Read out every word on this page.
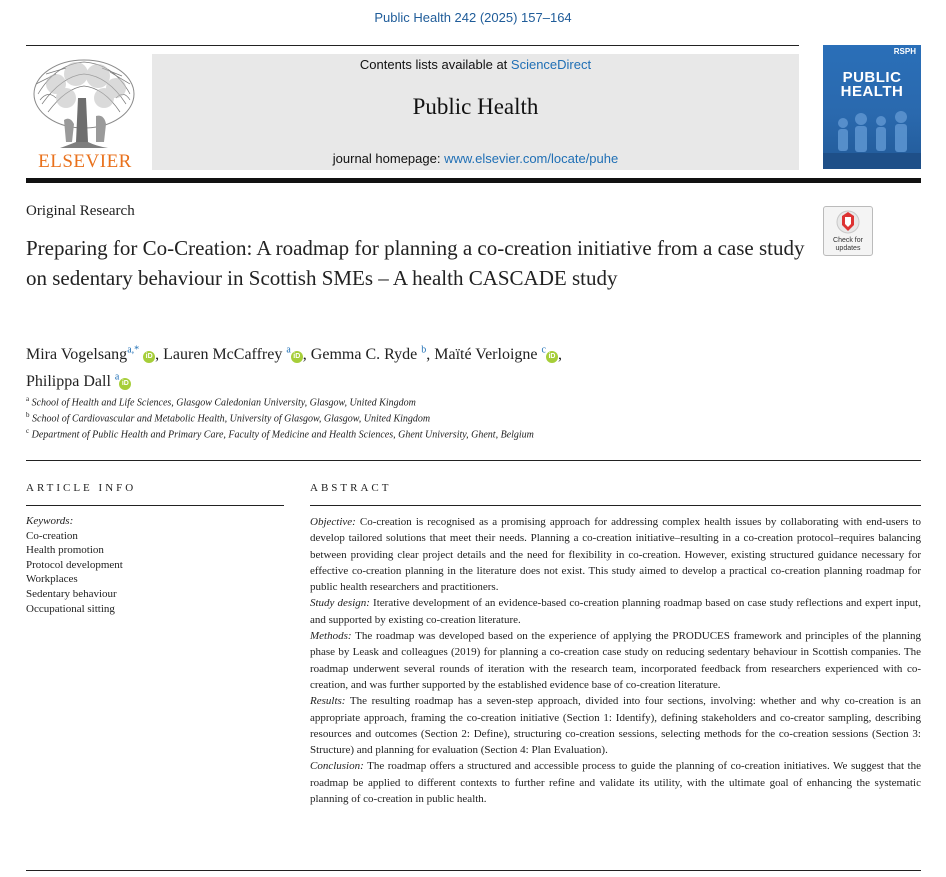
Public Health 242 (2025) 157–164
ELSEVIER
Contents lists available at ScienceDirect
Public Health
journal homepage: www.elsevier.com/locate/puhe
RSPH
PUBLIC HEALTH
Original Research
Preparing for Co-Creation: A roadmap for planning a co-creation initiative from a case study on sedentary behaviour in Scottish SMEs – A health CASCADE study
Check for updates
Mira Vogelsang$^{a,*}$ iD , Lauren McCaffrey $^a$iD , Gemma C. Ryde $^b$, Maïté Verloigne $^c$iD ,
Philippa Dall $^a$iD
$^a$ School of Health and Life Sciences, Glasgow Caledonian University, Glasgow, United Kingdom
$^b$ School of Cardiovascular and Metabolic Health, University of Glasgow, Glasgow, United Kingdom
$^c$ Department of Public Health and Primary Care, Faculty of Medicine and Health Sciences, Ghent University, Ghent, Belgium
ARTICLE INFO
Keywords:
Co-creation
Health promotion
Protocol development
Workplaces
Sedentary behaviour
Occupational sitting
ABSTRACT

Objective: Co-creation is recognised as a promising approach for addressing complex health issues by collaborating with end-users to develop tailored solutions that meet their needs. Planning a co-creation initiative–resulting in a co-creation protocol–requires balancing between providing clear project details and the need for flexibility in co-creation. However, existing structured guidance necessary for effective co-creation planning in the literature does not exist. This study aimed to develop a practical co-creation planning roadmap for public health researchers and practitioners.

Study design: Iterative development of an evidence-based co-creation planning roadmap based on case study reflections and expert input, and supported by existing co-creation literature.

Methods: The roadmap was developed based on the experience of applying the PRODUCES framework and principles of the planning phase by Leask and colleagues (2019) for planning a co-creation case study on reducing sedentary behaviour in Scottish companies. The roadmap underwent several rounds of iteration with the research team, incorporated feedback from researchers experienced with co-creation, and was further supported by the established evidence base of co-creation literature.

Results: The resulting roadmap has a seven-step approach, divided into four sections, involving: whether and why co-creation is an appropriate approach, framing the co-creation initiative (Section 1: Identify), defining stakeholders and co-creator sampling, describing resources and outcomes (Section 2: Define), structuring co-creation sessions, selecting methods for the co-creation sessions (Section 3: Structure) and planning for evaluation (Section 4: Plan Evaluation).

Conclusion: The roadmap offers a structured and accessible process to guide the planning of co-creation initiatives. We suggest that the roadmap be applied to different contexts to further refine and validate its utility, with the ultimate goal of enhancing the systematic planning of co-creation in public health.
